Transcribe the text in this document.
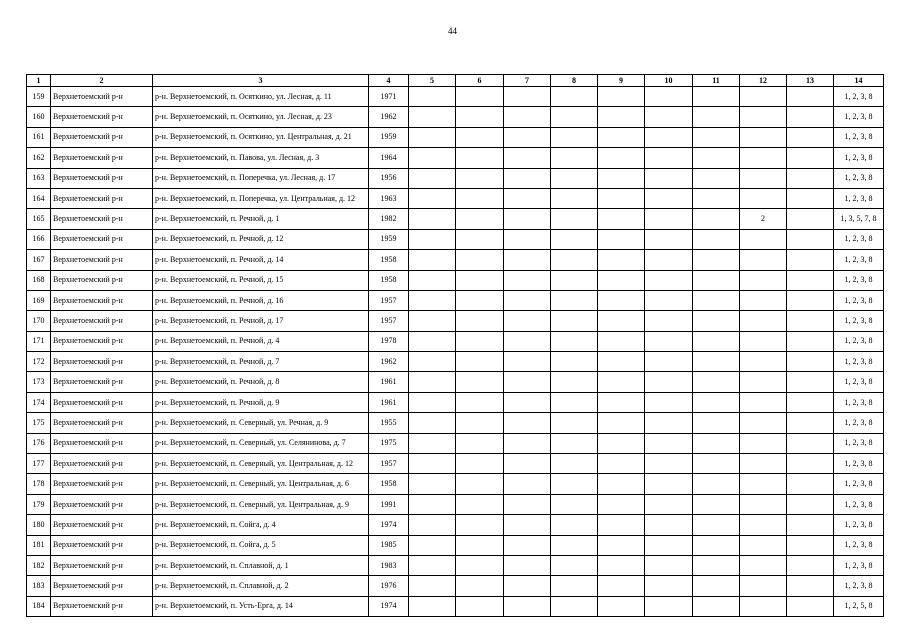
44
1	2	3	4	5	6	7	8	9	10	11	12	13	14
159	Верхнетоемский р-н	р-н. Верхнетоемский, п. Осяткино, ул. Лесная, д. 11	1971										1, 2, 3, 8
160	Верхнетоемский р-н	р-н. Верхнетоемский, п. Осяткино, ул. Лесная, д. 23	1962										1, 2, 3, 8
161	Верхнетоемский р-н	р-н. Верхнетоемский, п. Осяткино, ул. Центральная, д. 21	1959										1, 2, 3, 8
162	Верхнетоемский р-н	р-н. Верхнетоемский, п. Павова, ул. Лесная, д. 3	1964										1, 2, 3, 8
163	Верхнетоемский р-н	р-н. Верхнетоемский, п. Поперечка, ул. Лесная, д. 17	1956										1, 2, 3, 8
164	Верхнетоемский р-н	р-н. Верхнетоемский, п. Поперечка, ул. Центральная, д. 12	1963										1, 2, 3, 8
165	Верхнетоемский р-н	р-н. Верхнетоемский, п. Речной, д. 1	1982								2		1, 3, 5, 7, 8
166	Верхнетоемский р-н	р-н. Верхнетоемский, п. Речной, д. 12	1959										1, 2, 3, 8
167	Верхнетоемский р-н	р-н. Верхнетоемский, п. Речной, д. 14	1958										1, 2, 3, 8
168	Верхнетоемский р-н	р-н. Верхнетоемский, п. Речной, д. 15	1958										1, 2, 3, 8
169	Верхнетоемский р-н	р-н. Верхнетоемский, п. Речной, д. 16	1957										1, 2, 3, 8
170	Верхнетоемский р-н	р-н. Верхнетоемский, п. Речной, д. 17	1957										1, 2, 3, 8
171	Верхнетоемский р-н	р-н. Верхнетоемский, п. Речной, д. 4	1978										1, 2, 3, 8
172	Верхнетоемский р-н	р-н. Верхнетоемский, п. Речной, д. 7	1962										1, 2, 3, 8
173	Верхнетоемский р-н	р-н. Верхнетоемский, п. Речной, д. 8	1961										1, 2, 3, 8
174	Верхнетоемский р-н	р-н. Верхнетоемский, п. Речной, д. 9	1961										1, 2, 3, 8
175	Верхнетоемский р-н	р-н. Верхнетоемский, п. Северный, ул. Речная, д. 9	1955										1, 2, 3, 8
176	Верхнетоемский р-н	р-н. Верхнетоемский, п. Северный, ул. Селянинова, д. 7	1975										1, 2, 3, 8
177	Верхнетоемский р-н	р-н. Верхнетоемский, п. Северный, ул. Центральная, д. 12	1957										1, 2, 3, 8
178	Верхнетоемский р-н	р-н. Верхнетоемский, п. Северный, ул. Центральная, д. 6	1958										1, 2, 3, 8
179	Верхнетоемский р-н	р-н. Верхнетоемский, п. Северный, ул. Центральная, д. 9	1991										1, 2, 3, 8
180	Верхнетоемский р-н	р-н. Верхнетоемский, п. Сойга, д. 4	1974										1, 2, 3, 8
181	Верхнетоемский р-н	р-н. Верхнетоемский, п. Сойга, д. 5	1985										1, 2, 3, 8
182	Верхнетоемский р-н	р-н. Верхнетоемский, п. Сплавной, д. 1	1983										1, 2, 3, 8
183	Верхнетоемский р-н	р-н. Верхнетоемский, п. Сплавной, д. 2	1976										1, 2, 3, 8
184	Верхнетоемский р-н	р-н. Верхнетоемский, п. Усть-Ерга, д. 14	1974										1, 2, 5, 8
